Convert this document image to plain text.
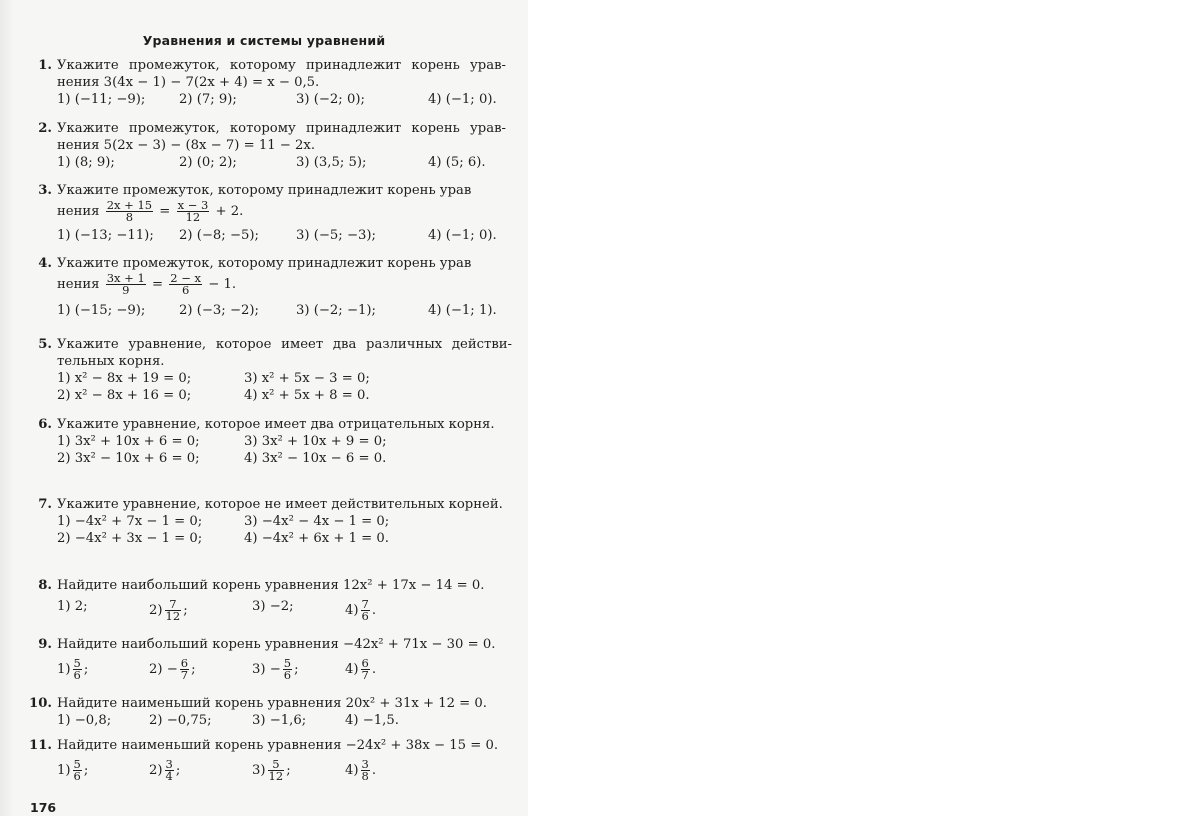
Уравнения и системы уравнений
1. Укажите промежуток, которому принадлежит корень уравнения 3(4x − 1) − 7(2x + 4) = x − 0,5.
1) (−11; −9);	2) (7; 9);	3) (−2; 0);	4) (−1; 0).
2. Укажите промежуток, которому принадлежит корень уравнения 5(2x − 3) − (8x − 7) = 11 − 2x.
1) (8; 9);	2) (0; 2);	3) (3,5; 5);	4) (5; 6).
3. Укажите промежуток, которому принадлежит корень урав
нения $\frac{2x + 15}{8} = \frac{x - 3}{12} + 2$.
1) (−13; −11); 2) (−8; −5);	3) (−5; −3);	4) (−1; 0).
4. Укажите промежуток, которому принадлежит корень урав
нения $\frac{3x + 1}{9} = \frac{2 - x}{6} - 1$.
1) (−15; −9);	2) (−3; −2);	3) (−2; −1);	4) (−1; 1).
5. Укажите уравнение, которое имеет два различных действительных корня.
1) x² − 8x + 19 = 0;	3) x² + 5x − 3 = 0;
2) x² − 8x + 16 = 0;	4) x² + 5x + 8 = 0.
6. Укажите уравнение, которое имеет два отрицательных корня.
1) 3x² + 10x + 6 = 0;	3) 3x² + 10x + 9 = 0;
2) 3x² − 10x + 6 = 0;	4) 3x² − 10x − 6 = 0.
7. Укажите уравнение, которое не имеет действительных корней.
1) −4x² + 7x − 1 = 0;	3) −4x² − 4x − 1 = 0;
2) −4x² + 3x − 1 = 0;	4) −4x² + 6x + 1 = 0.
8. Найдите наибольший корень уравнения 12x² + 17x − 14 = 0.
1) 2;	$2) \frac{7}{12}$ ;	3) −2;	$4) \frac{7}{6}$ .
9. Найдите наибольший корень уравнения −42x² + 71x − 30 = 0.
$1) \frac{5}{6}$ ;	$2) - \frac{6}{7}$ ;	$3) - \frac{5}{6}$ ;	$4) \frac{6}{7}$ .
10. Найдите наименьший корень уравнения 20x² + 31x + 12 = 0.
1) −0,8;	2) −0,75;	3) −1,6;	4) −1,5.
11. Найдите наименьший корень уравнения −24x² + 38x − 15 = 0.
$1) \frac{5}{6}$ ;	$2) \frac{3}{4}$ ;	$3) \frac{5}{12}$ ;	$4) \frac{3}{8}$ .
176
